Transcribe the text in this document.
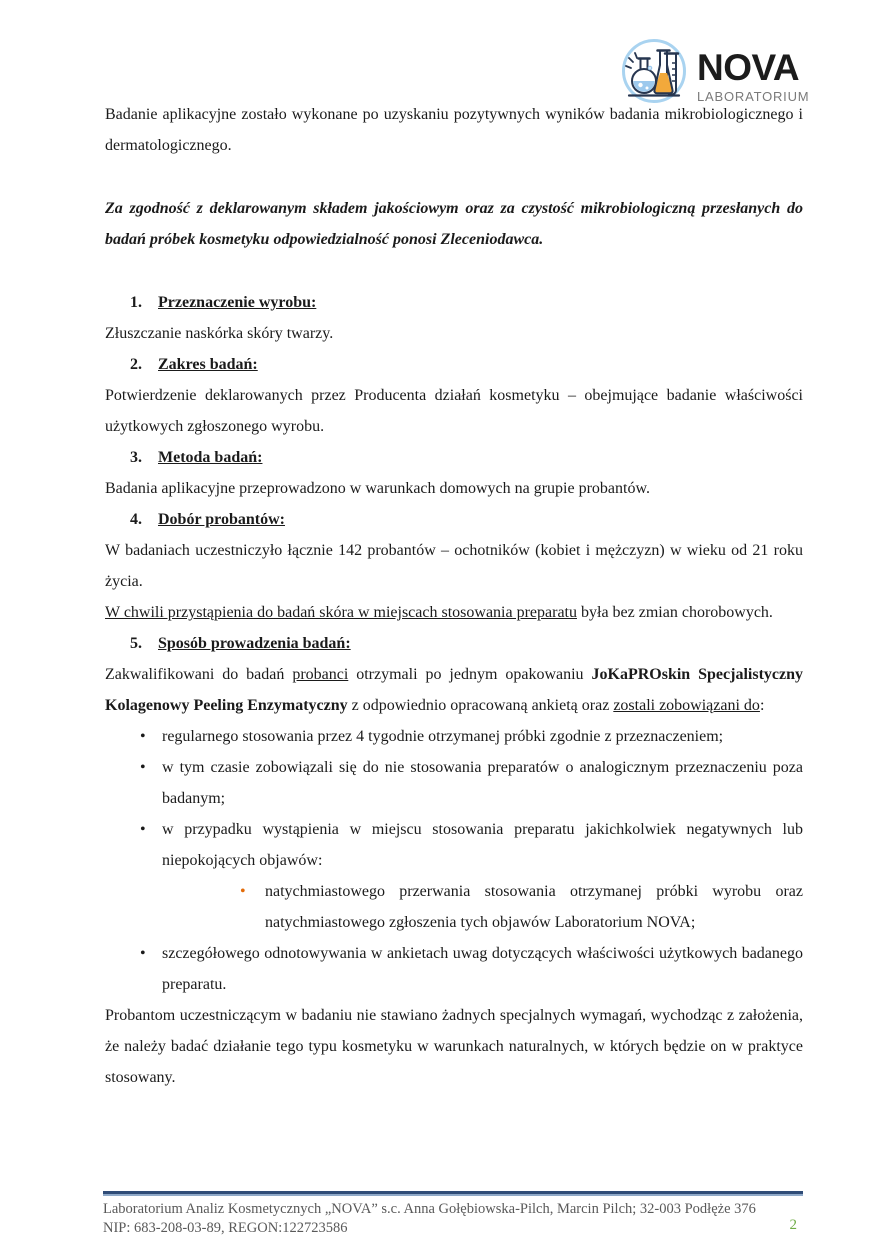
NOVA
LABORATORIUM

Badanie aplikacyjne zostało wykonane po uzyskaniu pozytywnych wyników badania mikrobiologicznego i dermatologicznego.

Za zgodność z deklarowanym składem jakościowym oraz za czystość mikrobiologiczną przesłanych do badań próbek kosmetyku odpowiedzialność ponosi Zleceniodawca.

1. Przeznaczenie wyrobu:

Złuszczanie naskórka skóry twarzy.

2. Zakres badań:

Potwierdzenie deklarowanych przez Producenta działań kosmetyku – obejmujące badanie właściwości użytkowych zgłoszonego wyrobu.

3. Metoda badań:

Badania aplikacyjne przeprowadzono w warunkach domowych na grupie probantów.

4. Dobór probantów:

W badaniach uczestniczyło łącznie 142 probantów – ochotników (kobiet i mężczyzn) w wieku od 21 roku życia.

W chwili przystąpienia do badań skóra w miejscach stosowania preparatu była bez zmian chorobowych.

5. Sposób prowadzenia badań:

Zakwalifikowani do badań probanci otrzymali po jednym opakowaniu JoKaPROskin Specjalistyczny Kolagenowy Peeling Enzymatyczny z odpowiednio opracowaną ankietą oraz zostali zobowiązani do:

• regularnego stosowania przez 4 tygodnie otrzymanej próbki zgodnie z przeznaczeniem;
• w tym czasie zobowiązali się do nie stosowania preparatów o analogicznym przeznaczeniu poza badanym;
• w przypadku wystąpienia w miejscu stosowania preparatu jakichkolwiek negatywnych lub niepokojących objawów:
• natychmiastowego przerwania stosowania otrzymanej próbki wyrobu oraz natychmiastowego zgłoszenia tych objawów Laboratorium NOVA;
• szczegółowego odnotowywania w ankietach uwag dotyczących właściwości użytkowych badanego preparatu.

Probantom uczestniczącym w badaniu nie stawiano żadnych specjalnych wymagań, wychodząc z założenia, że należy badać działanie tego typu kosmetyku w warunkach naturalnych, w których będzie on w praktyce stosowany.

Laboratorium Analiz Kosmetycznych „NOVA” s.c. Anna Gołębiowska-Pilch, Marcin Pilch; 32-003 Podłęże 376
NIP: 683-208-03-89, REGON:122723586	2
